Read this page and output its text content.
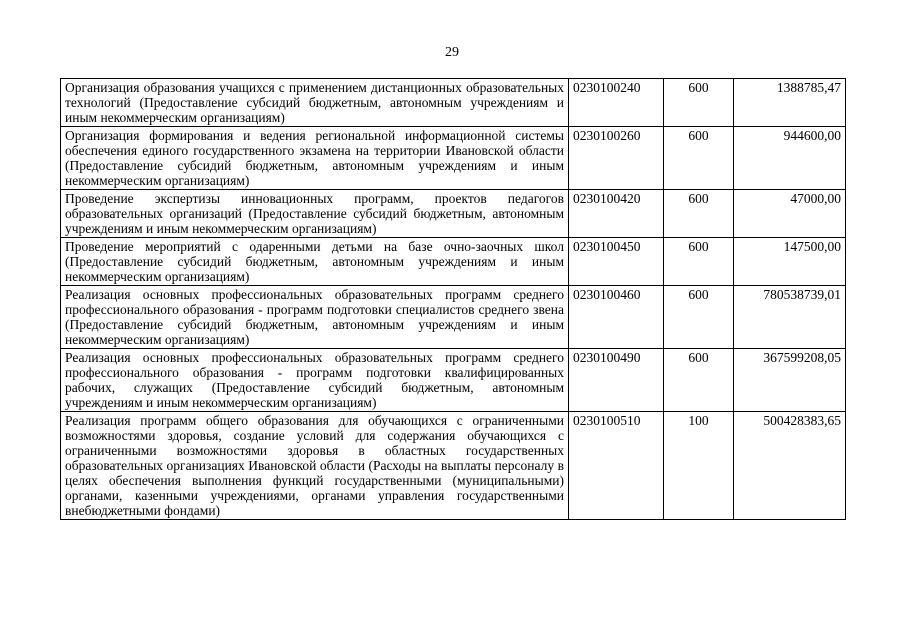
29
Организация образования учащихся с применением дистанционных образовательных технологий (Предоставление субсидий бюджетным, автономным учреждениям и иным некоммерческим организациям)	0230100240	600	1388785,47
Организация формирования и ведения региональной информационной системы обеспечения единого государственного экзамена на территории Ивановской области (Предоставление субсидий бюджетным, автономным учреждениям и иным некоммерческим организациям)	0230100260	600	944600,00
Проведение экспертизы инновационных программ, проектов педагогов образовательных организаций (Предоставление субсидий бюджетным, автономным учреждениям и иным некоммерческим организациям)	0230100420	600	47000,00
Проведение мероприятий с одаренными детьми на базе очно-заочных школ (Предоставление субсидий бюджетным, автономным учреждениям и иным некоммерческим организациям)	0230100450	600	147500,00
Реализация основных профессиональных образовательных программ среднего профессионального образования - программ подготовки специалистов среднего звена (Предоставление субсидий бюджетным, автономным учреждениям и иным некоммерческим организациям)	0230100460	600	780538739,01
Реализация основных профессиональных образовательных программ среднего профессионального образования - программ подготовки квалифицированных рабочих, служащих (Предоставление субсидий бюджетным, автономным учреждениям и иным некоммерческим организациям)	0230100490	600	367599208,05
Реализация программ общего образования для обучающихся с ограниченными возможностями здоровья, создание условий для содержания обучающихся с ограниченными возможностями здоровья в областных государственных образовательных организациях Ивановской области (Расходы на выплаты персоналу в целях обеспечения выполнения функций государственными (муниципальными) органами, казенными учреждениями, органами управления государственными внебюджетными фондами)	0230100510	100	500428383,65
